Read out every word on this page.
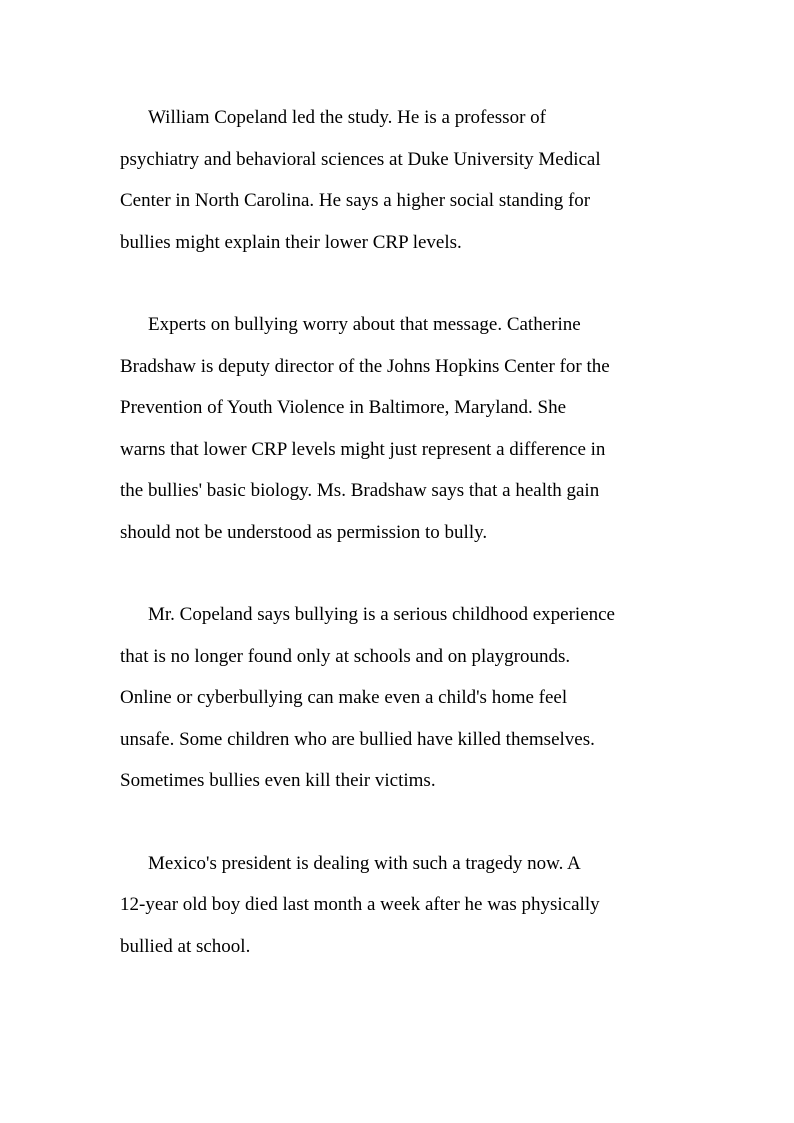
William Copeland led the study. He is a professor of
psychiatry and behavioral sciences at Duke University Medical
Center in North Carolina. He says a higher social standing for
bullies might explain their lower CRP levels.

Experts on bullying worry about that message. Catherine
Bradshaw is deputy director of the Johns Hopkins Center for the
Prevention of Youth Violence in Baltimore, Maryland. She
warns that lower CRP levels might just represent a difference in
the bullies' basic biology. Ms. Bradshaw says that a health gain
should not be understood as permission to bully.

Mr. Copeland says bullying is a serious childhood experience
that is no longer found only at schools and on playgrounds.
Online or cyberbullying can make even a child's home feel
unsafe. Some children who are bullied have killed themselves.
Sometimes bullies even kill their victims.

Mexico's president is dealing with such a tragedy now. A
12-year old boy died last month a week after he was physically
bullied at school.
